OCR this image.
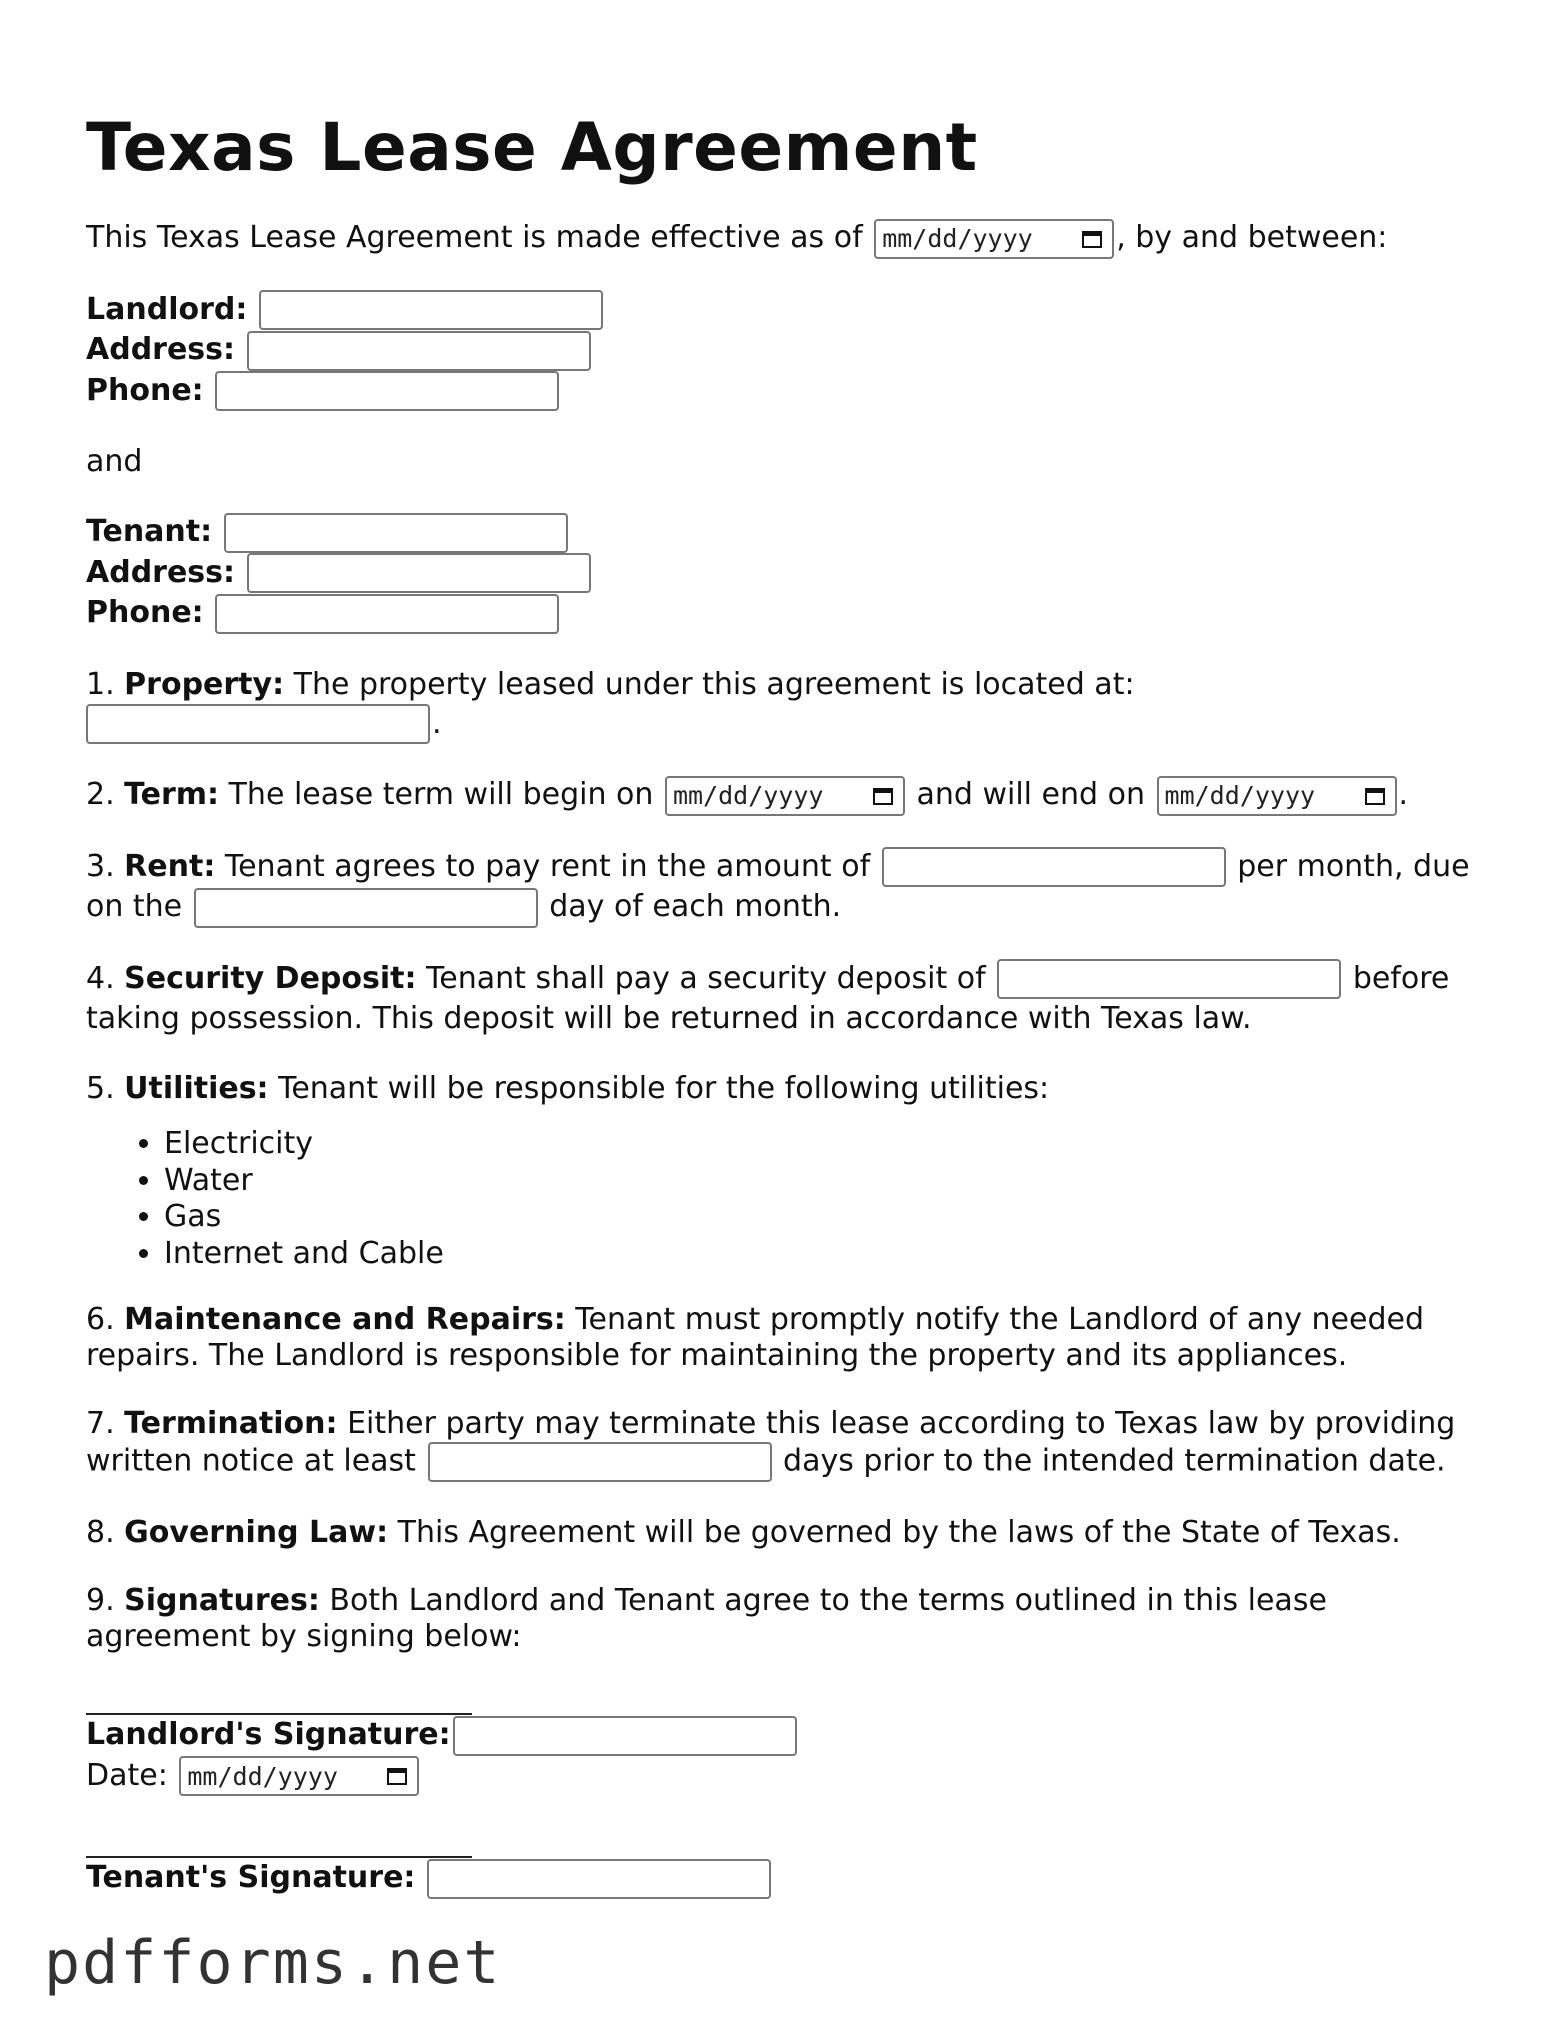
Texas Lease Agreement

This Texas Lease Agreement is made effective as of mm/dd/yyyy	, by and between:

Landlord:
Address:
Phone:

and

Tenant:
Address:
Phone:

1. Property: The property leased under this agreement is located at:
.

2. Term: The lease term will begin on mm/dd/yyyy	and will end on mm/dd/yyyy	.

3. Rent: Tenant agrees to pay rent in the amount of	per month, due on the	day of each month.

4. Security Deposit: Tenant shall pay a security deposit of	before taking possession. This deposit will be returned in accordance with Texas law.

5. Utilities: Tenant will be responsible for the following utilities:

• Electricity
• Water
• Gas
• Internet and Cable

6. Maintenance and Repairs: Tenant must promptly notify the Landlord of any needed repairs. The Landlord is responsible for maintaining the property and its appliances.

7. Termination: Either party may terminate this lease according to Texas law by providing written notice at least	days prior to the intended termination date.

8. Governing Law: This Agreement will be governed by the laws of the State of Texas.

9. Signatures: Both Landlord and Tenant agree to the terms outlined in this lease agreement by signing below:

Landlord's Signature:
Date: mm/dd/yyyy
Tenant's Signature:
pdfforms.net
